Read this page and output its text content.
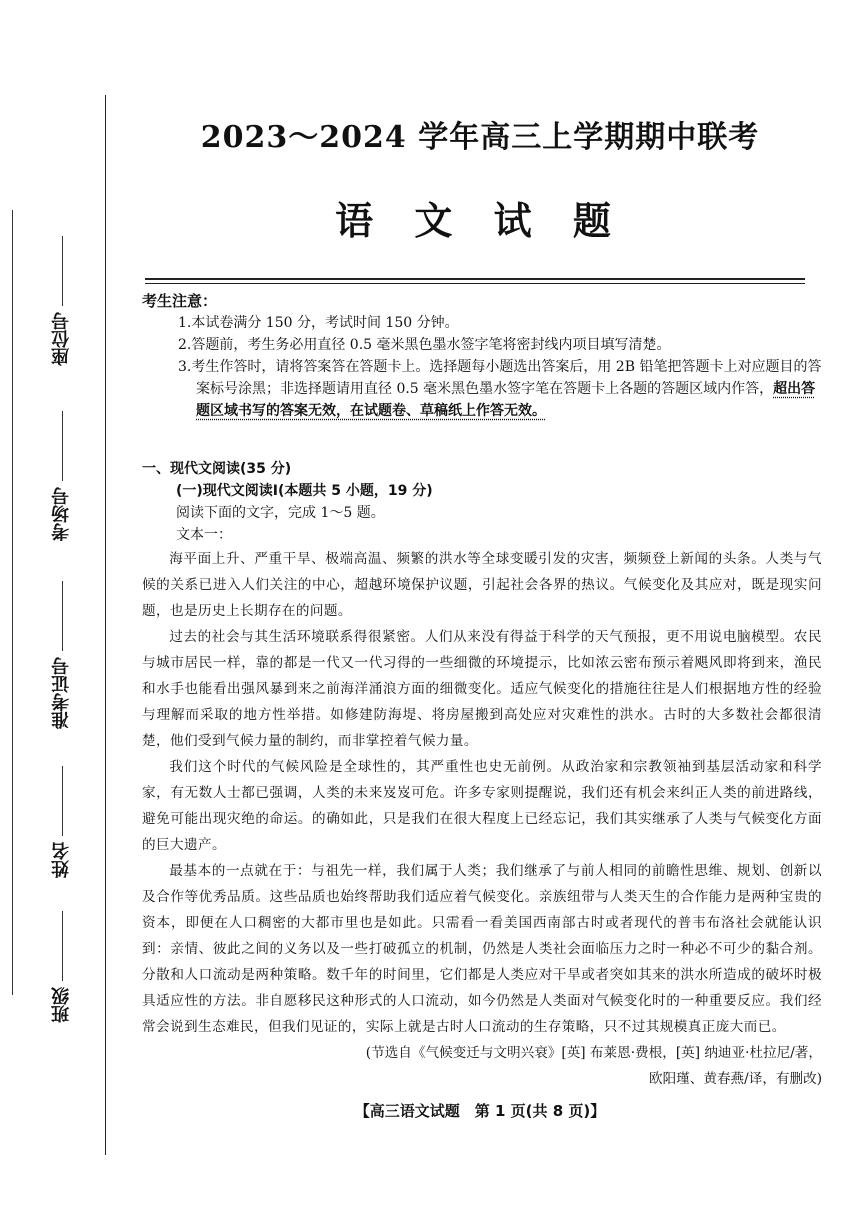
座位号
考场号
准考证号
姓名
班级
2023～2024 学年高三上学期期中联考
语 文 试 题
考生注意：
1.本试卷满分 150 分，考试时间 150 分钟。
2.答题前，考生务必用直径 0.5 毫米黑色墨水签字笔将密封线内项目填写清楚。
3.考生作答时，请将答案答在答题卡上。选择题每小题选出答案后，用 2B 铅笔把答题卡上对应题目的答案标号涂黑；非选择题请用直径 0.5 毫米黑色墨水签字笔在答题卡上各题的答题区域内作答，超出答题区域书写的答案无效，在试题卷、草稿纸上作答无效。
一、现代文阅读(35 分)
(一)现代文阅读Ⅰ(本题共 5 小题，19 分)
阅读下面的文字，完成 1～5 题。
文本一：

海平面上升、严重干旱、极端高温、频繁的洪水等全球变暖引发的灾害，频频登上新闻的头条。人类与气候的关系已进入人们关注的中心，超越环境保护议题，引起社会各界的热议。气候变化及其应对，既是现实问题，也是历史上长期存在的问题。

过去的社会与其生活环境联系得很紧密。人们从来没有得益于科学的天气预报，更不用说电脑模型。农民与城市居民一样，靠的都是一代又一代习得的一些细微的环境提示，比如浓云密布预示着飓风即将到来，渔民和水手也能看出强风暴到来之前海洋涌浪方面的细微变化。适应气候变化的措施往往是人们根据地方性的经验与理解而采取的地方性举措。如修建防海堤、将房屋搬到高处应对灾难性的洪水。古时的大多数社会都很清楚，他们受到气候力量的制约，而非掌控着气候力量。

我们这个时代的气候风险是全球性的，其严重性也史无前例。从政治家和宗教领袖到基层活动家和科学家，有无数人士都已强调，人类的未来岌岌可危。许多专家则提醒说，我们还有机会来纠正人类的前进路线，避免可能出现灾绝的命运。的确如此，只是我们在很大程度上已经忘记，我们其实继承了人类与气候变化方面的巨大遗产。

最基本的一点就在于：与祖先一样，我们属于人类；我们继承了与前人相同的前瞻性思维、规划、创新以及合作等优秀品质。这些品质也始终帮助我们适应着气候变化。亲族纽带与人类天生的合作能力是两种宝贵的资本，即便在人口稠密的大都市里也是如此。只需看一看美国西南部古时或者现代的普韦布洛社会就能认识到：亲情、彼此之间的义务以及一些打破孤立的机制，仍然是人类社会面临压力之时一种必不可少的黏合剂。分散和人口流动是两种策略。数千年的时间里，它们都是人类应对干旱或者突如其来的洪水所造成的破坏时极具适应性的方法。非自愿移民这种形式的人口流动，如今仍然是人类面对气候变化时的一种重要反应。我们经常会说到生态难民，但我们见证的，实际上就是古时人口流动的生存策略，只不过其规模真正庞大而已。

(节选自《气候变迁与文明兴衰》[英] 布莱恩·费根，[英] 纳迪亚·杜拉尼/著，
欧阳瑾、黄春燕/译，有删改)
【高三语文试题　第 1 页(共 8 页)】
